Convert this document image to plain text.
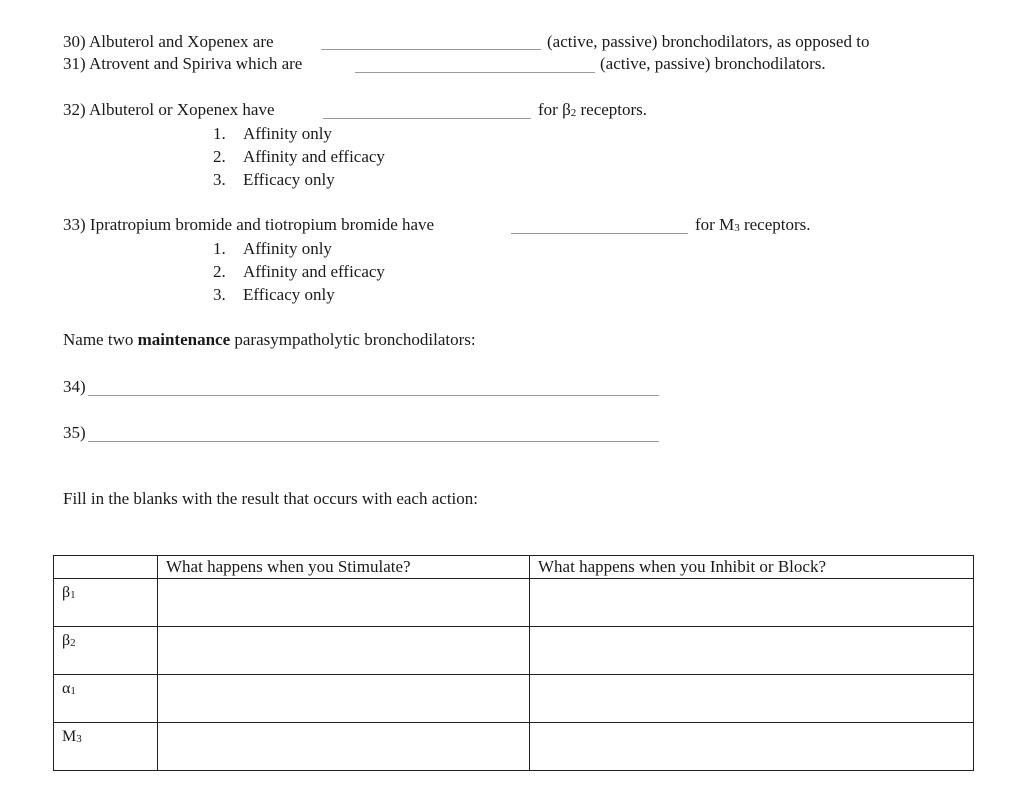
30) Albuterol and Xopenex are	(active, passive) bronchodilators, as opposed to
31) Atrovent and Spiriva which are	(active, passive) bronchodilators.
32) Albuterol or Xopenex have	for β2 receptors.
1. Affinity only
2. Affinity and efficacy
3. Efficacy only
33) Ipratropium bromide and tiotropium bromide have	for M3 receptors.
1. Affinity only
2. Affinity and efficacy
3. Efficacy only
Name two maintenance parasympatholytic bronchodilators:
34)
35)
Fill in the blanks with the result that occurs with each action:
	What happens when you Stimulate?	What happens when you Inhibit or Block?
β1		
β2		
α1		
M3		
